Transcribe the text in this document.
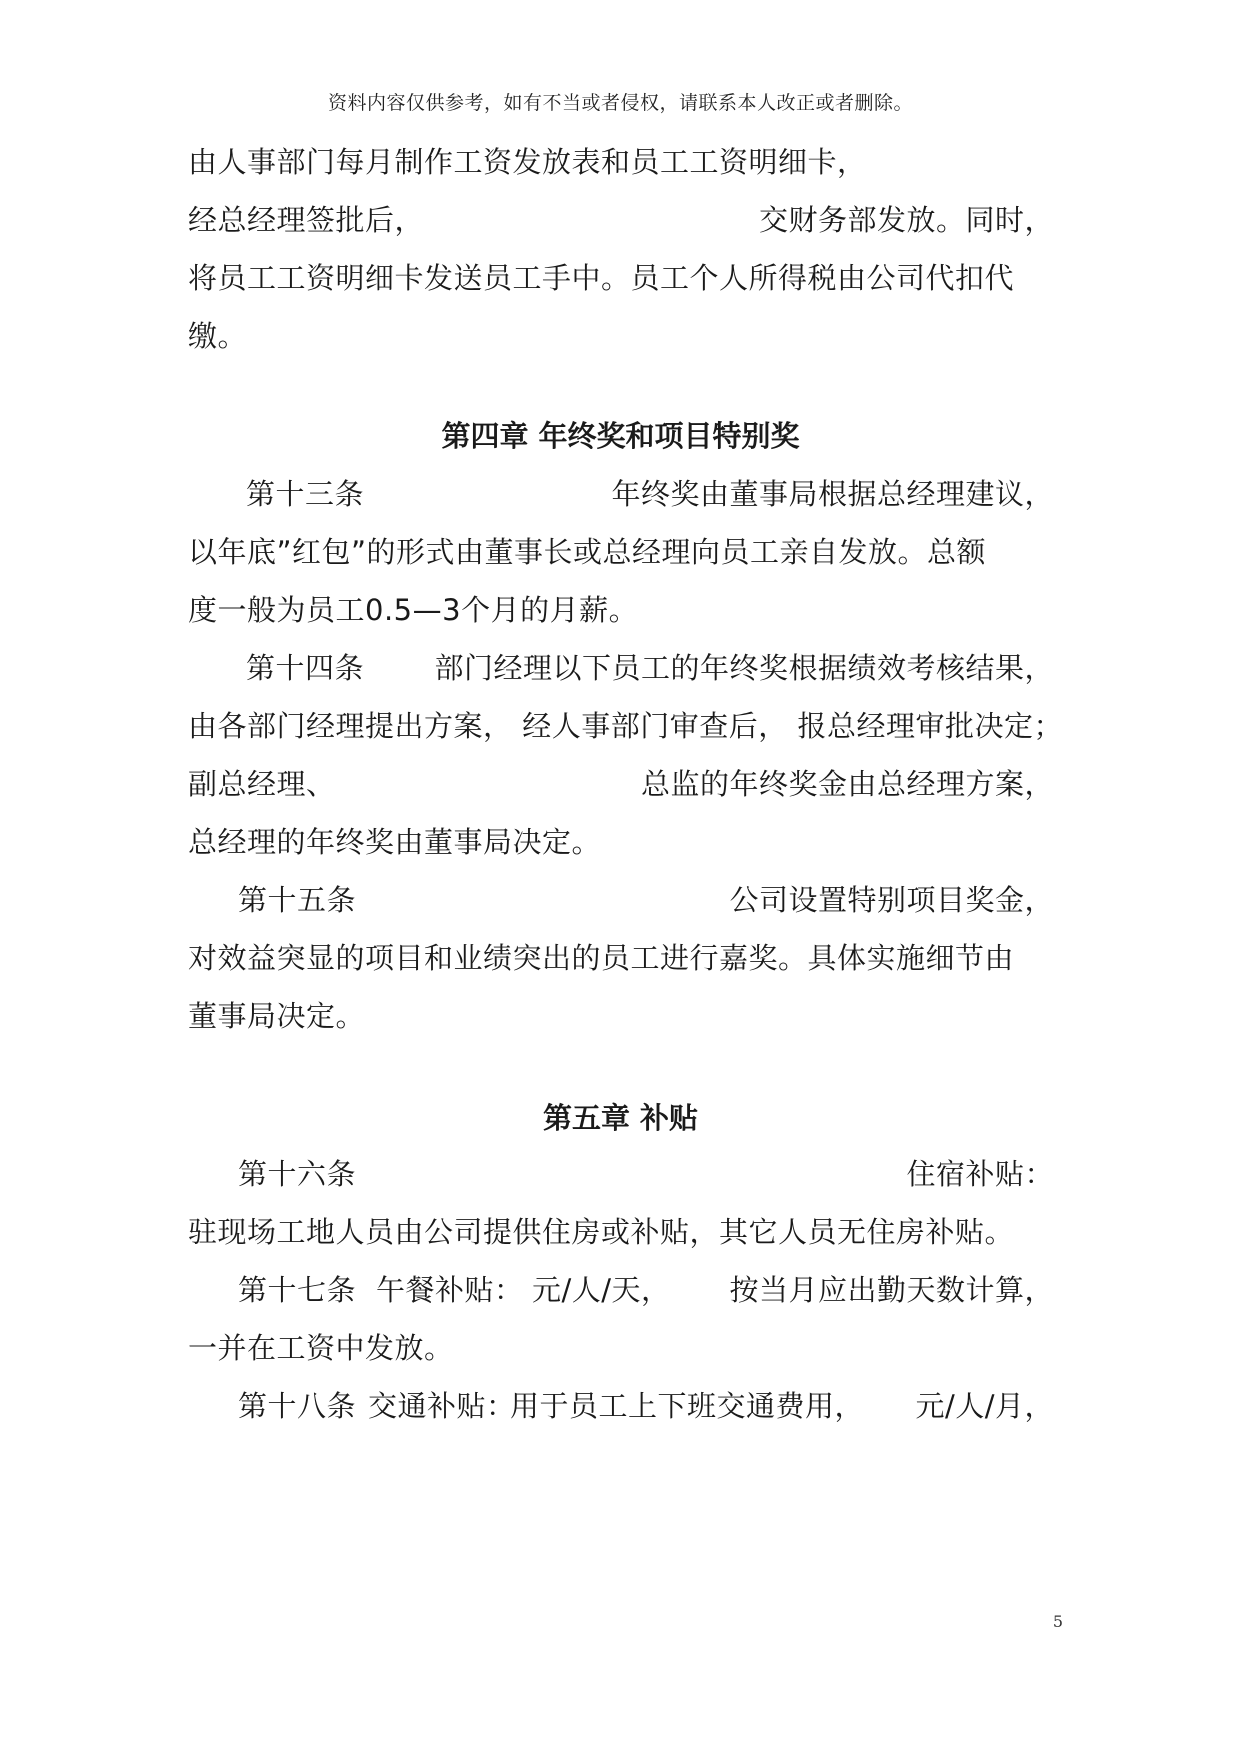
资料内容仅供参考，如有不当或者侵权，请联系本人改正或者删除。
由人事部门每月制作工资发放表和员工工资明细卡，
经总经理签批后，	交财务部发放。同时，
将员工工资明细卡发送员工手中。员工个人所得税由公司代扣代
缴。
第四章 年终奖和项目特别奖
第十三条	年终奖由董事局根据总经理建议，
以年底”红包”的形式由董事长或总经理向员工亲自发放。总额
度一般为员工0.5—3个月的月薪。
第十四条 部门经理以下员工的年终奖根据绩效考核结果，
由各部门经理提出方案， 经人事部门审查后， 报总经理审批决定；
副总经理、	总监的年终奖金由总经理方案，
总经理的年终奖由董事局决定。
第十五条	公司设置特别项目奖金，
对效益突显的项目和业绩突出的员工进行嘉奖。具体实施细节由
董事局决定。
第五章 补贴
第十六条	住宿补贴：
驻现场工地人员由公司提供住房或补贴，其它人员无住房补贴。
第十七条 午餐补贴： 元/人/天， 按当月应出勤天数计算，
一并在工资中发放。
第十八条 交通补贴：
用于员工上下班交通费用， 元/人/月，
5
